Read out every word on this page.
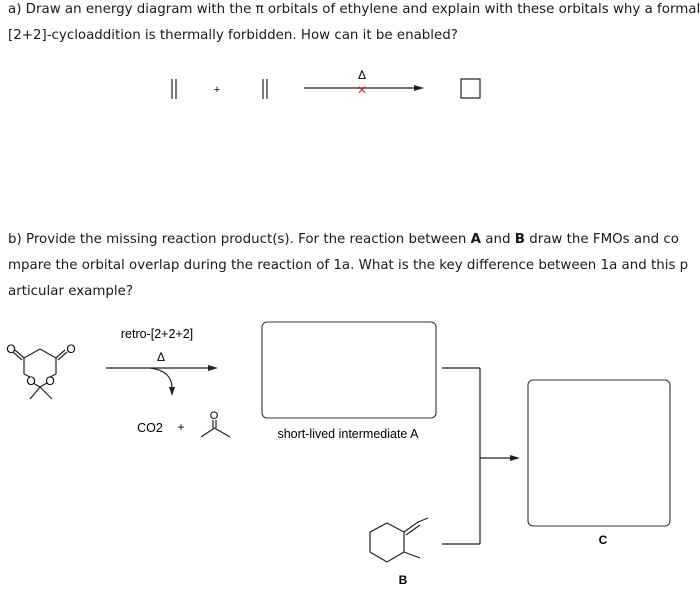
a) Draw an energy diagram with the π orbitals of ethylene and explain with these orbitals why a formal
[2+2]-cycloaddition is thermally forbidden. How can it be enabled?
b) Provide the missing reaction product(s). For the reaction between A and B draw the FMOs and co
mpare the orbital overlap during the reaction of 1a. What is the key difference between 1a and this p
articular example?
+
Δ
×
O	O
O O
retro-[2+2+2]
Δ
CO2 +
O
short-lived intermediate A
C
B
